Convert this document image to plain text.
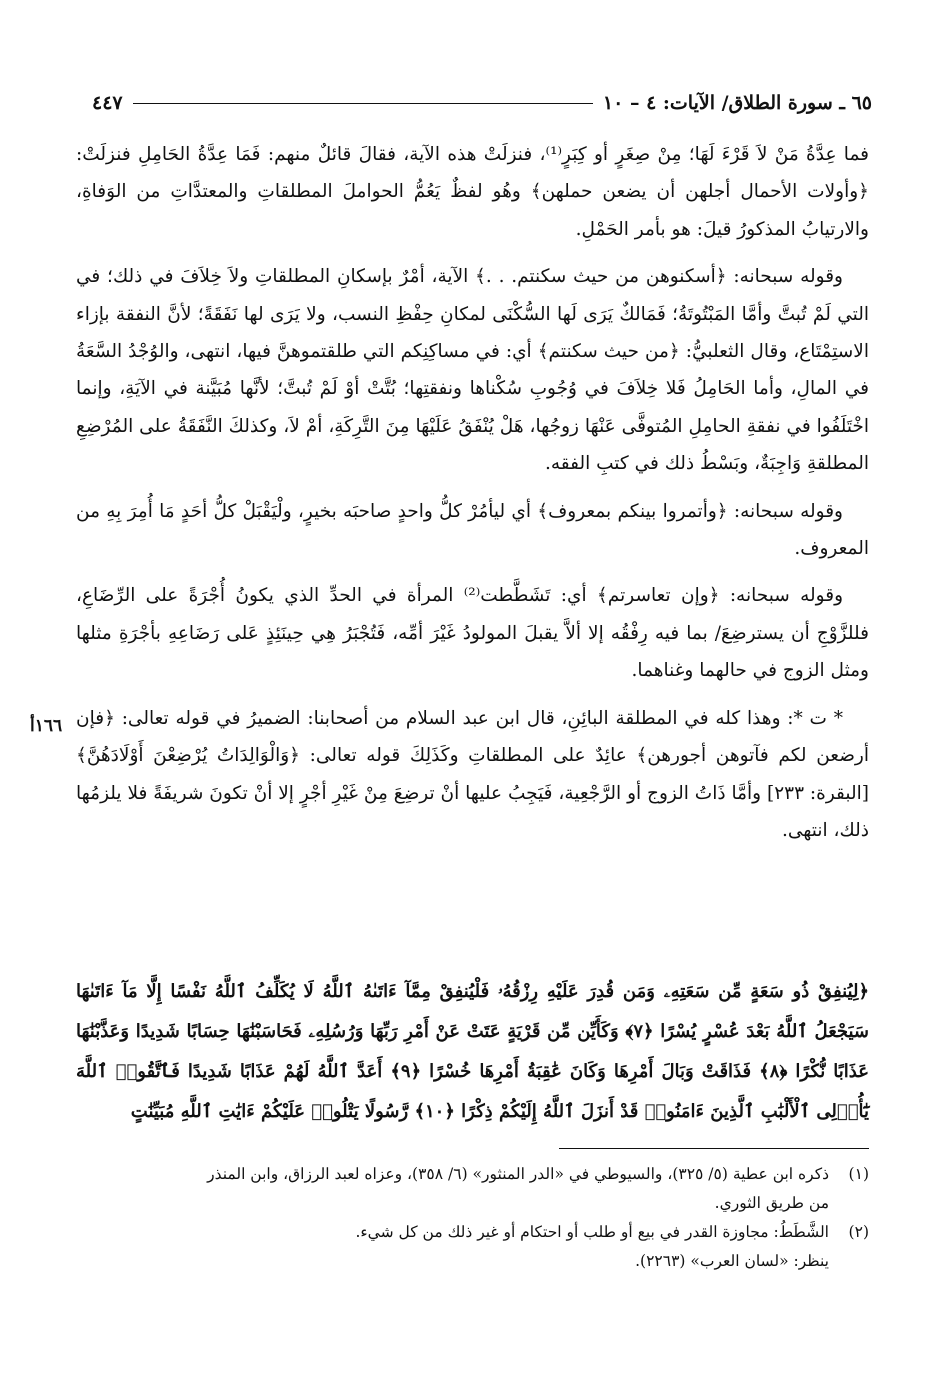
٦٥ ـ سورة الطلاق/ الآيات: ٤ – ١٠
٤٤٧

فما عِدَّةُ مَنْ لاَ قَرْءَ لَهَا؛ مِنْ صِغَرٍ أو كِبَرٍ⁽¹⁾، فنزلَتْ هذه الآية، فقالَ قائلٌ منهم: فَمَا عِدَّةُ الحَامِلِ فنزلَتْ: ﴿وأولات الأحمال أجلهن أن يضعن حملهن﴾ وهُو لفظٌ يَعُمُّ الحواملَ المطلقاتِ والمعتدَّاتِ من الوَفاةِ، والارتيابُ المذكورُ قيلَ: هو بأمر الحَمْلِ.

وقوله سبحانه: ﴿أسكنوهن من حيث سكنتم. . .﴾ الآية، أمْرٌ بإسكانِ المطلقاتِ ولاَ خِلاَفَ في ذلك؛ في التي لَمْ تُبتَّ وأمَّا المَبْتُوتَةُ؛ فَمَالكٌ يَرَى لَها السُّكْنَى لمكانِ حِفْظِ النسب، ولا يَرَى لها نَفَقَةً؛ لأنَّ النفقة بإزاء الاستِمْتَاع، وقال الثعلبيُّ: ﴿من حيث سكنتم﴾ أي: في مساكِنِكم التي طلقتموهنَّ فيها، انتهى، والوُجْدُ السَّعَةُ في المالِ، وأما الحَامِلُ فَلا خِلاَفَ في وُجُوبِ سُكْناها ونفقتِها؛ بُتَّتْ أوْ لَمْ تُبتَّ؛ لأنَّها مُبَيَّنة في الآيَةِ، وإنما اخْتَلَفُوا في نفقةِ الحامِلِ المُتوفَّى عَنْهَا زوجُها، هَلْ يُنْفَقُ عَلَيْهَا مِنَ التَّرِكَةِ، أمْ لاَ، وكذلكَ النَّفَقَةُ على المُرْضِعِ المطلقةِ وَاجِبَةٌ، وبَسْطُ ذلك في كتبِ الفقه.

وقوله سبحانه: ﴿وأتمروا بينكم بمعروف﴾ أي ليأمُرْ كلُّ واحدٍ صاحبَه بخيرٍ، ولْيَقْبَلْ كلُّ أحَدٍ مَا أُمِرَ بِهِ من المعروف.

وقوله سبحانه: ﴿وإن تعاسرتم﴾ أي: تَشَطَّطت⁽²⁾ المرأة في الحدِّ الذي يكونُ أُجْرَةً على الرِّضَاعِ، فللزَّوْجِ أن يسترضِعَ/ بما فيه رِفْقُه إلا ألاَّ يقبلَ المولودُ غَيْرَ أمِّه، فَتُجْبَرُ هِي حِينَئِذٍ عَلى رَضَاعِهِ بأجْرَةِ مثلها ومثل الزوج في حالهما وغناهما.

* ت *: وهذا كله في المطلقة البائِنِ، قال ابن عبد السلام من أصحابنا: الضميرُ في قوله تعالى: ﴿فإن أرضعن لكم فآتوهن أجورهن﴾ عائِدٌ على المطلقاتِ وكَذَلِكَ قوله تعالى: ﴿وَالْوَالِدَاتُ يُرْضِعْنَ أَوْلَادَهُنَّ﴾ [البقرة: ٢٣٣] وأمَّا ذَاتُ الزوج أو الرَّجْعِية، فَيَجِبُ عليها أنْ ترضِعَ مِنْ غَيْرِ أجْرٍ إلا أنْ تكونَ شريفَةً فلا يلزمُها ذلك، انتهى.

١٦٦أ
﴿لِيُنفِقْ ذُو سَعَةٍ مِّن سَعَتِهِۦ وَمَن قُدِرَ عَلَيْهِ رِزْقُهُۥ فَلْيُنفِقْ مِمَّآ ءَاتَىٰهُ ٱللَّهُ لَا يُكَلِّفُ ٱللَّهُ نَفْسًا إِلَّا مَآ ءَاتَىٰهَا سَيَجْعَلُ ٱللَّهُ بَعْدَ عُسْرٍ يُسْرًا ﴿٧﴾ وَكَأَيِّن مِّن قَرْيَةٍ عَتَتْ عَنْ أَمْرِ رَبِّهَا وَرُسُلِهِۦ فَحَاسَبْنَٰهَا حِسَابًا شَدِيدًا وَعَذَّبْنَٰهَا عَذَابًا نُّكْرًا ﴿٨﴾ فَذَاقَتْ وَبَالَ أَمْرِهَا وَكَانَ عَٰقِبَةُ أَمْرِهَا خُسْرًا ﴿٩﴾ أَعَدَّ ٱللَّهُ لَهُمْ عَذَابًا شَدِيدًا فَٱتَّقُوا۟ ٱللَّهَ يَٰٓأُو۟لِى ٱلْأَلْبَٰبِ ٱلَّذِينَ ءَامَنُوا۟ قَدْ أَنزَلَ ٱللَّهُ إِلَيْكُمْ ذِكْرًا ﴿١٠﴾ رَّسُولًا يَتْلُوا۟ عَلَيْكُمْ ءَايَٰتِ ٱللَّهِ مُبَيِّنَٰتٍ
(١)
ذكره ابن عطية (٥/ ٣٢٥)، والسيوطي في «الدر المنثور» (٦/ ٣٥٨)، وعزاه لعبد الرزاق، وابن المنذر
من طريق الثوري.
(٢)
الشَّطَطُ: مجاوزة القدر في بيع أو طلب أو احتكام أو غير ذلك من كل شيء.
ينظر: «لسان العرب» (٢٢٦٣).
